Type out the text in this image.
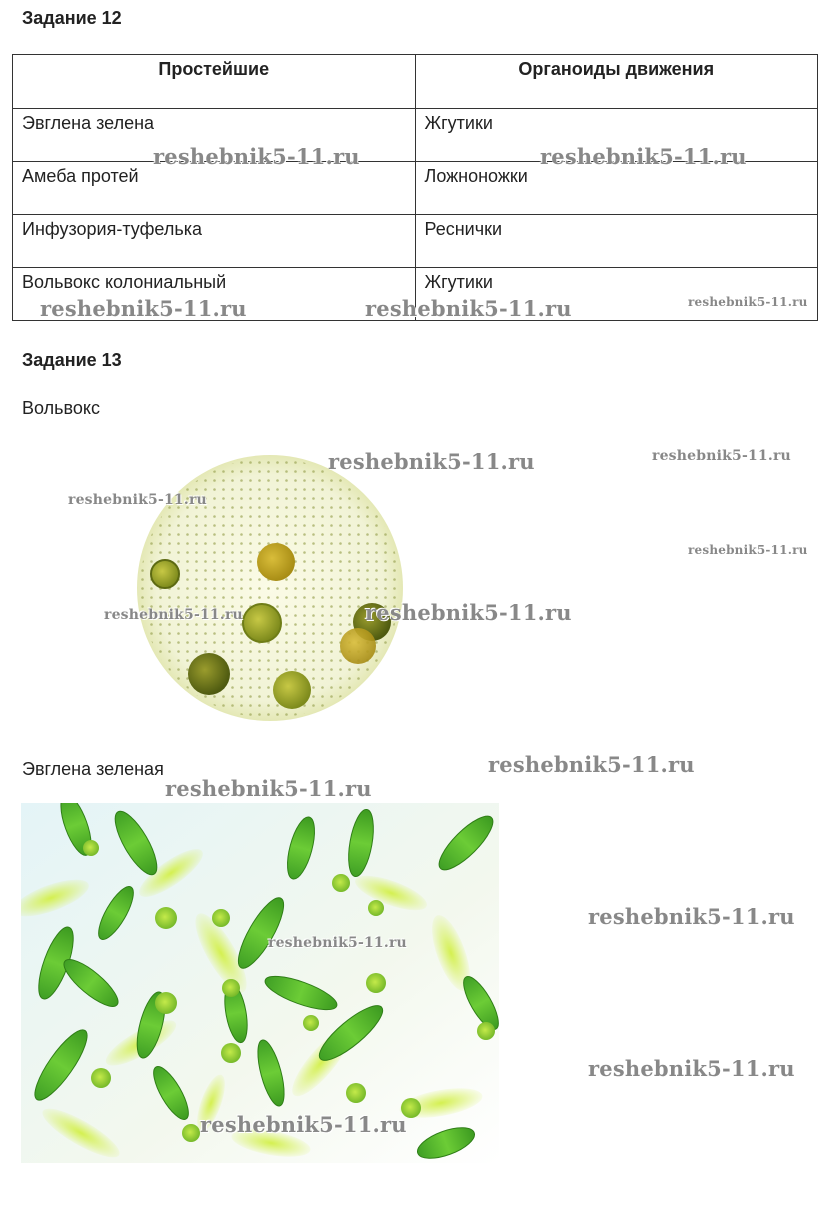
Задание 12
Простейшие	Органоиды движения
Эвглена зелена	Жгутики
Амеба протей	Ложноножки
Инфузория-туфелька	Реснички
Вольвокс колониальный	Жгутики
Задание 13
Вольвокс
Эвглена зеленая
reshebnik5-11.ru	reshebnik5-11.ru
reshebnik5-11.ru	reshebnik5-11.ru	reshebnik5-11.ru
reshebnik5-11.ru	reshebnik5-11.ru
reshebnik5-11.ru
reshebnik5-11.ru
reshebnik5-11.ru	reshebnik5-11.ru
reshebnik5-11.ru
reshebnik5-11.ru
reshebnik5-11.ru
reshebnik5-11.ru
reshebnik5-11.ru
reshebnik5-11.ru
